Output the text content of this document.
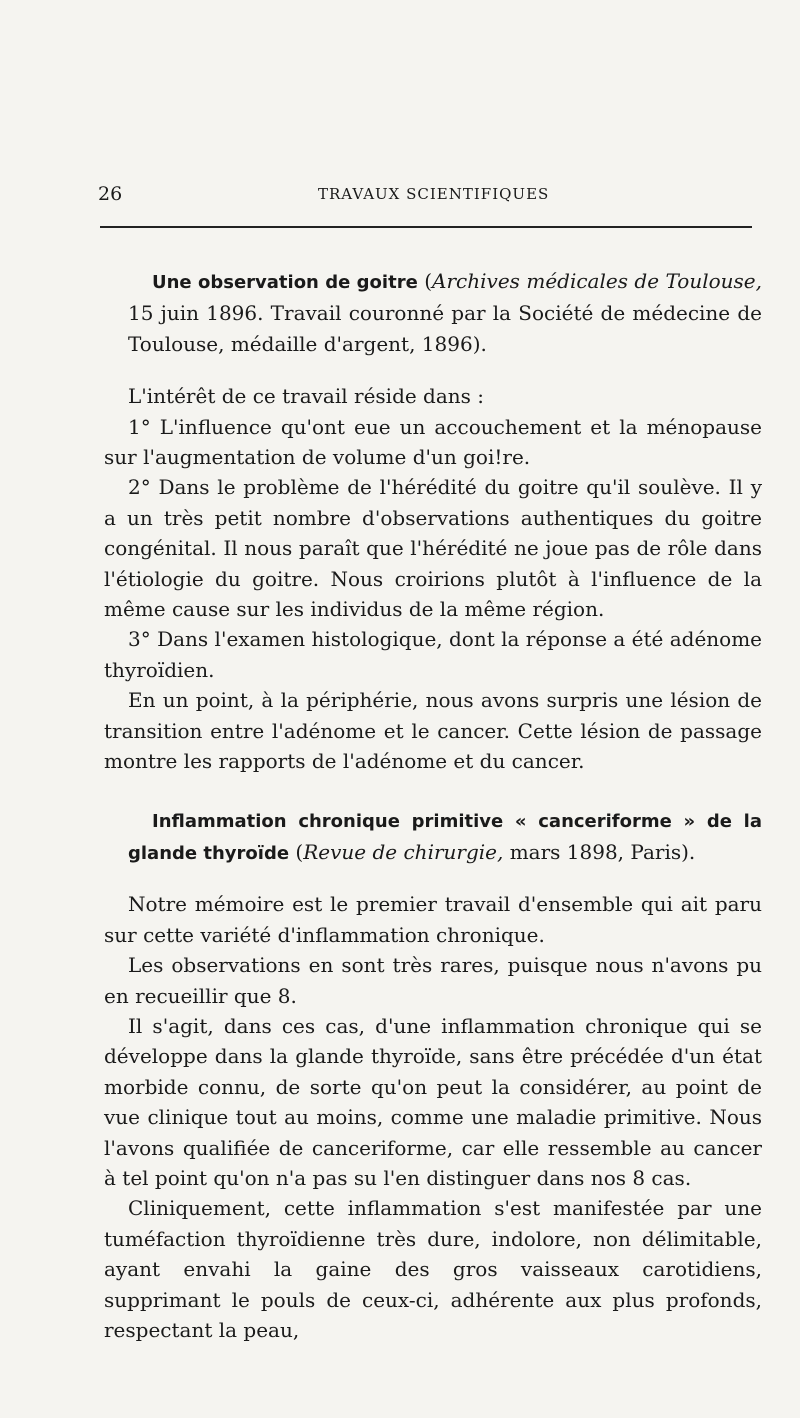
26	TRAVAUX SCIENTIFIQUES

Une observation de goitre (Archives médicales de Toulouse, 15 juin 1896. Travail couronné par la Société de médecine de Toulouse, médaille d'argent, 1896).

L'intérêt de ce travail réside dans :

1° L'influence qu'ont eue un accouchement et la ménopause sur l'augmentation de volume d'un goi!re.

2° Dans le problème de l'hérédité du goitre qu'il soulève. Il y a un très petit nombre d'observations authentiques du goitre congénital. Il nous paraît que l'hérédité ne joue pas de rôle dans l'étiologie du goitre. Nous croirions plutôt à l'influence de la même cause sur les individus de la même région.

3° Dans l'examen histologique, dont la réponse a été adénome thyroïdien.

En un point, à la périphérie, nous avons surpris une lésion de transition entre l'adénome et le cancer. Cette lésion de passage montre les rapports de l'adénome et du cancer.

Inflammation chronique primitive « canceriforme » de la glande thyroïde (Revue de chirurgie, mars 1898, Paris).

Notre mémoire est le premier travail d'ensemble qui ait paru sur cette variété d'inflammation chronique.

Les observations en sont très rares, puisque nous n'avons pu en recueillir que 8.

Il s'agit, dans ces cas, d'une inflammation chronique qui se développe dans la glande thyroïde, sans être précédée d'un état morbide connu, de sorte qu'on peut la considérer, au point de vue clinique tout au moins, comme une maladie primitive. Nous l'avons qualifiée de canceriforme, car elle ressemble au cancer à tel point qu'on n'a pas su l'en distinguer dans nos 8 cas.

Cliniquement, cette inflammation s'est manifestée par une tuméfaction thyroïdienne très dure, indolore, non délimitable, ayant envahi la gaine des gros vaisseaux carotidiens, supprimant le pouls de ceux-ci, adhérente aux plus profonds, respectant la peau,
